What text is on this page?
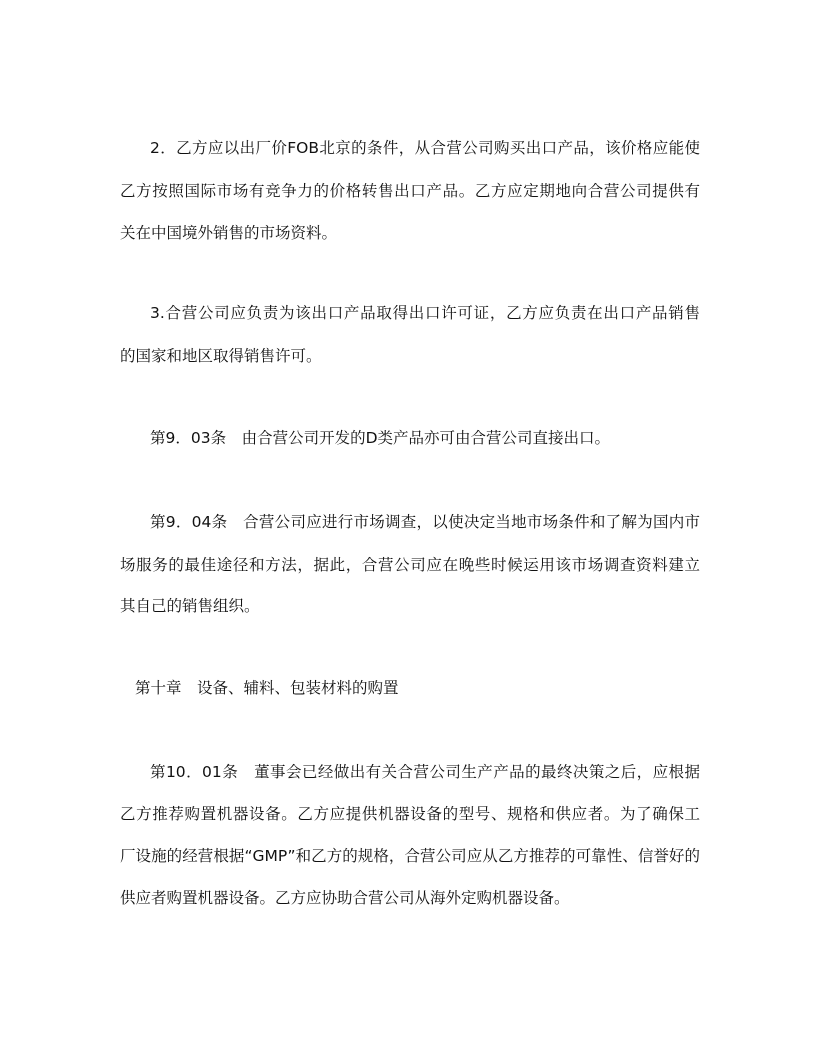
2．乙方应以出厂价FOB北京的条件，从合营公司购买出口产品，该价格应能使
乙方按照国际市场有竞争力的价格转售出口产品。乙方应定期地向合营公司提供有
关在中国境外销售的市场资料。
3.合营公司应负责为该出口产品取得出口许可证，乙方应负责在出口产品销售
的国家和地区取得销售许可。
第9．03条　由合营公司开发的D类产品亦可由合营公司直接出口。
第9．04条　合营公司应进行市场调查，以使决定当地市场条件和了解为国内市
场服务的最佳途径和方法，据此，合营公司应在晚些时候运用该市场调查资料建立
其自己的销售组织。
第十章　设备、辅料、包装材料的购置
第10．01条　董事会已经做出有关合营公司生产产品的最终决策之后，应根据
乙方推荐购置机器设备。乙方应提供机器设备的型号、规格和供应者。为了确保工
厂设施的经营根据“GMP”和乙方的规格，合营公司应从乙方推荐的可靠性、信誉好的
供应者购置机器设备。乙方应协助合营公司从海外定购机器设备。
